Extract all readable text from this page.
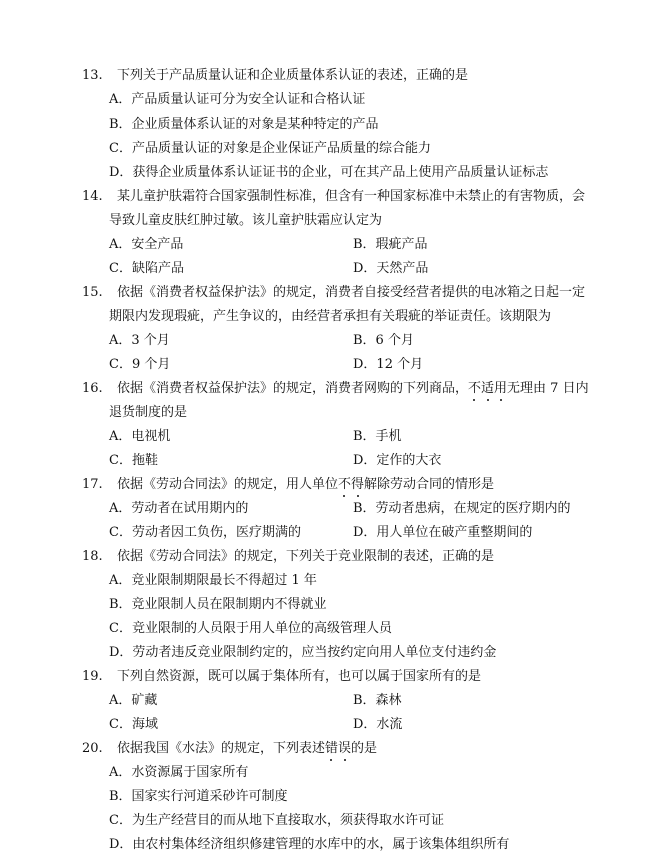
13. 下列关于产品质量认证和企业质量体系认证的表述，正确的是
A．产品质量认证可分为安全认证和合格认证
B．企业质量体系认证的对象是某种特定的产品
C．产品质量认证的对象是企业保证产品质量的综合能力
D．获得企业质量体系认证证书的企业，可在其产品上使用产品质量认证标志
14. 某儿童护肤霜符合国家强制性标准，但含有一种国家标准中未禁止的有害物质，会
导致儿童皮肤红肿过敏。该儿童护肤霜应认定为
A．安全产品	B．瑕疵产品
C．缺陷产品	D．天然产品
15. 依据《消费者权益保护法》的规定，消费者自接受经营者提供的电冰箱之日起一定
期限内发现瑕疵，产生争议的，由经营者承担有关瑕疵的举证责任。该期限为
A．3 个月	B．6 个月
C．9 个月	D．12 个月
16. 依据《消费者权益保护法》的规定，消费者网购的下列商品，不适用无理由 7 日内
退货制度的是
A．电视机	B．手机
C．拖鞋	D．定作的大衣
17. 依据《劳动合同法》的规定，用人单位不得解除劳动合同的情形是
A．劳动者在试用期内的	B．劳动者患病，在规定的医疗期内的
C．劳动者因工负伤，医疗期满的	D．用人单位在破产重整期间的
18. 依据《劳动合同法》的规定，下列关于竞业限制的表述，正确的是
A．竞业限制期限最长不得超过 1 年
B．竞业限制人员在限制期内不得就业
C．竞业限制的人员限于用人单位的高级管理人员
D．劳动者违反竞业限制约定的，应当按约定向用人单位支付违约金
19. 下列自然资源，既可以属于集体所有，也可以属于国家所有的是
A．矿藏	B．森林
C．海域	D．水流
20. 依据我国《水法》的规定，下列表述错误的是
A．水资源属于国家所有
B．国家实行河道采砂许可制度
C．为生产经营目的而从地下直接取水，须获得取水许可证
D．由农村集体经济组织修建管理的水库中的水，属于该集体组织所有
